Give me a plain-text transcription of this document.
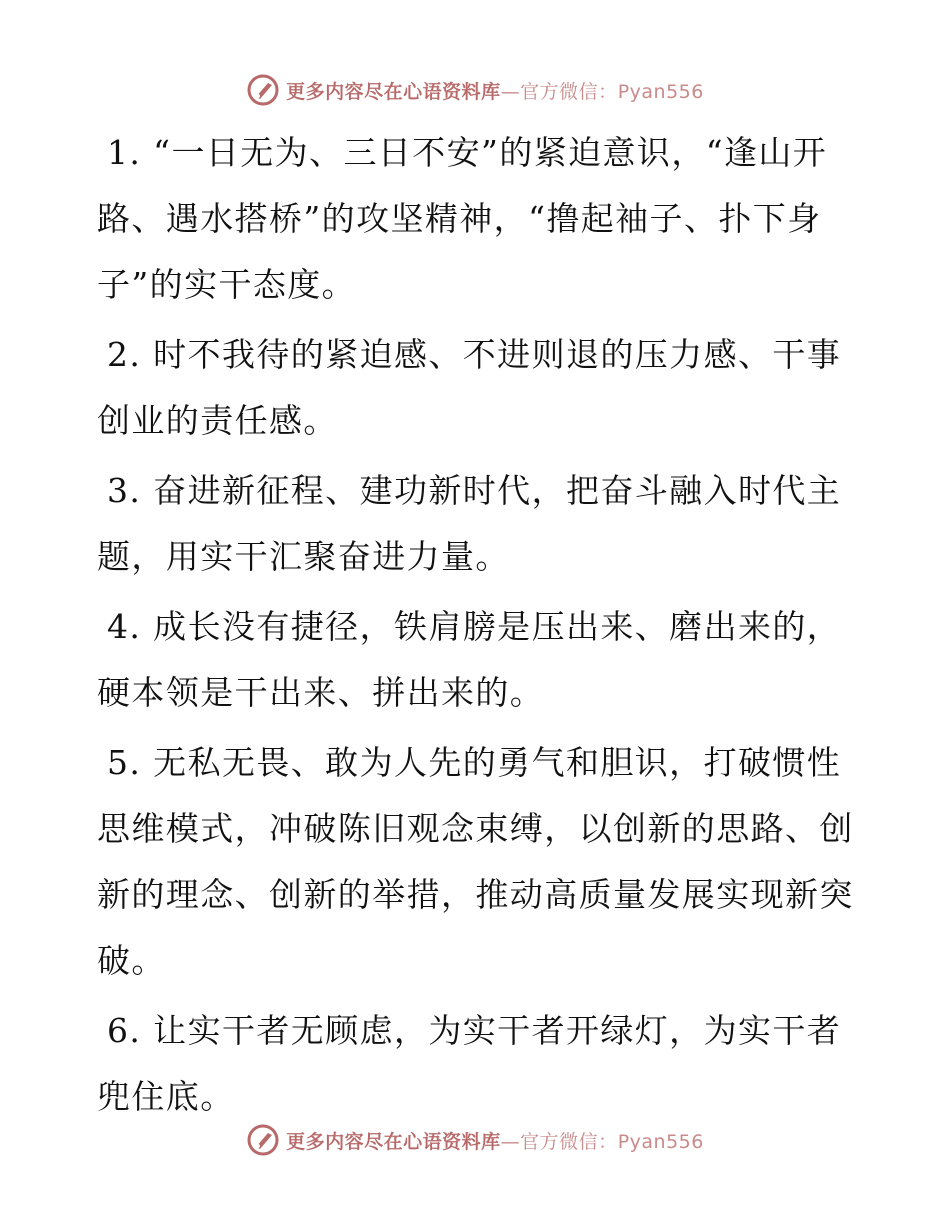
更多内容尽在心语资料库—官方微信：Pyan556

1. “一日无为、三日不安”的紧迫意识，“逢山开路、遇水搭桥”的攻坚精神，“撸起袖子、扑下身子”的实干态度。

2. 时不我待的紧迫感、不进则退的压力感、干事创业的责任感。

3. 奋进新征程、建功新时代，把奋斗融入时代主题，用实干汇聚奋进力量。

4. 成长没有捷径，铁肩膀是压出来、磨出来的，硬本领是干出来、拼出来的。

5. 无私无畏、敢为人先的勇气和胆识，打破惯性思维模式，冲破陈旧观念束缚，以创新的思路、创新的理念、创新的举措，推动高质量发展实现新突破。

6. 让实干者无顾虑，为实干者开绿灯，为实干者兜住底。

更多内容尽在心语资料库—官方微信：Pyan556
